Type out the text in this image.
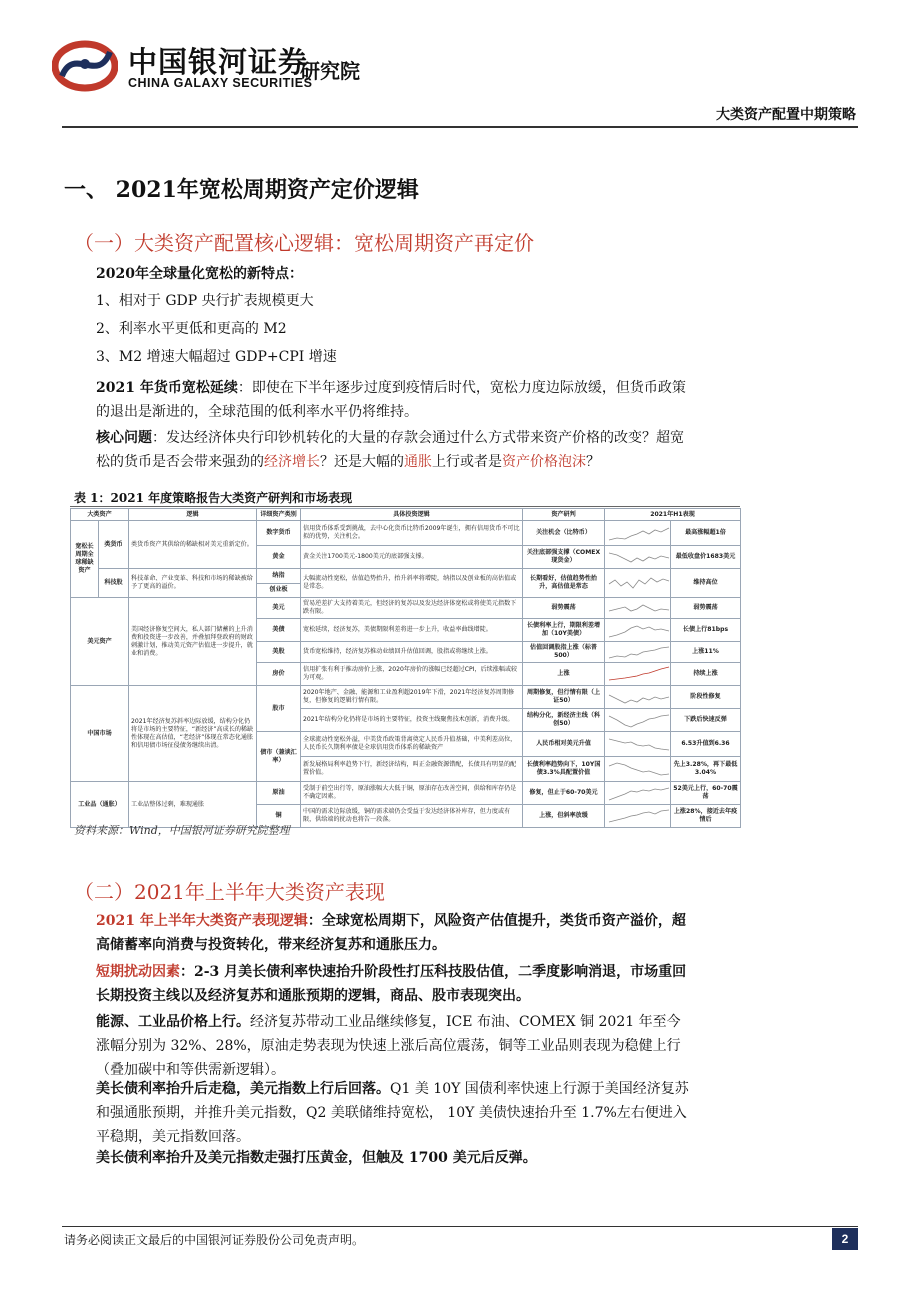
中国银河证券
CHINA GALAXY SECURITIES
研究院
大类资产配置中期策略
一、 2021年宽松周期资产定价逻辑
（一）大类资产配置核心逻辑：宽松周期资产再定价
2020年全球量化宽松的新特点：
1、相对于 GDP 央行扩表规模更大
2、利率水平更低和更高的 M2
3、M2 增速大幅超过 GDP+CPI 增速
2021 年货币宽松延续：即使在下半年逐步过度到疫情后时代，宽松力度边际放缓，但货币政策的退出是渐进的，全球范围的低利率水平仍将维持。
核心问题：发达经济体央行印钞机转化的大量的存款会通过什么方式带来资产价格的改变？超宽松的货币是否会带来强劲的经济增长？还是大幅的通胀上行或者是资产价格泡沫？
表 1：2021 年度策略报告大类资产研判和市场表现
大类资产		逻辑	详细资产类别	具体投资逻辑	资产研判	2021年H1表现	
宽松长周期全球稀缺资产	类货币	类货币资产其供给的稀缺相对美元重新定价。	数字货币	信用货币体系受到挑战，去中心化货币比特币2009年诞生，拥有信用货币不可比拟的优势，关注机会。	关注机会（比特币）		最高涨幅超1倍
			黄金	黄金关注1700美元-1800美元的底部强支撑。	关注底部强支撑（COMEX现货金）		最低收盘价1683美元
	科技股	科技革命、产业变革、科技和市场的稀缺被给予了更高的溢价。	纳指	大幅流动性宽松，估值趋势抬升，抬升斜率将增陡，纳指以及创业板的高估值或是常态。	长期看好，估值趋势性抬升，高估值是常态		维持高位
			创业板				
美元资产		美国经济修复空间大，私人部门储蓄的上升消费和投资进一步改善，并叠加拜登政府的财政刺激计划，推动美元资产估值进一步提升，就业和消费。	美元	贸易逆差扩大支持着美元，但经济的复苏以及发达经济体宽松或将使美元指数下跌有限。	弱势震荡		弱势震荡
			美债	宽松延续，经济复苏，美债期限利差将进一步上升，收益率曲线增陡。	长债利率上行，期限利差增加（10Y美债）		长债上行81bps
			美股	货币宽松维持，经济复苏推动业绩回升估值回调，股指或将继续上涨。	估值回调股指上涨（标普500）		上涨11%
			房价	信用扩张有利于推动房价上涨，2020年房价的涨幅已经超过CPI，后续涨幅或较为可观。	上涨		持续上涨
中国市场		2021年经济复苏斜率边际放缓，结构分化仍将是市场的主要特征，“新经济”高成长的稀缺性体现在高估值，“老经济”体现在常态化通胀和信用债市场征侵债务继续出清。	股市	2020年地产、金融、能源和工业盈利超2019年下滑，2021年经济复苏周期修复，但修复的逻辑行情有限。	周期修复，但行情有限（上证50）		阶段性修复
				2021年结构分化仍将是市场的主要特征，投资主线聚焦技术创新，消费升级。	结构分化，新经济主线（科创50）		下跌后快速反弹
			债市（兼谈汇率）	全球流动性宽松外溢，中美货币政策背离奠定人民币升值基础，中美利差高位，人民币长久期利率债是全球信用货币体系的稀缺资产	人民币相对美元升值		6.53升值到6.36
				新发展格局利率趋势下行，新经济结构，叫正金融资源错配，长债具有明显的配置价值。	长债利率趋势向下，10Y国债3.3%具配置价值		先上3.28%，再下最低3.04%
工业品（通胀）		工业品整体过剩，难现通胀	原油	受制于前空出行等，原油涨幅大大低于铜，原油存在改善空间，供给和库存仍是不确定因素。	修复，但止于60-70美元		52美元上行，60-70震荡
			铜	中国的需求边际放缓，铜的需求端仍会受益于发达经济体补库存，但力度或有限，供给端的扰动也将告一段落。	上涨，但斜率放缓		上涨28%，接近去年疫情后
资料来源：Wind，中国银河证券研究院整理
（二）2021年上半年大类资产表现
2021 年上半年大类资产表现逻辑：全球宽松周期下，风险资产估值提升，类货币资产溢价，超高储蓄率向消费与投资转化，带来经济复苏和通胀压力。
短期扰动因素：2-3 月美长债利率快速抬升阶段性打压科技股估值，二季度影响消退，市场重回长期投资主线以及经济复苏和通胀预期的逻辑，商品、股市表现突出。
能源、工业品价格上行。经济复苏带动工业品继续修复，ICE 布油、COMEX 铜 2021 年至今涨幅分别为 32%、28%，原油走势表现为快速上涨后高位震荡，铜等工业品则表现为稳健上行（叠加碳中和等供需新逻辑）。
美长债利率抬升后走稳，美元指数上行后回落。Q1 美 10Y 国债利率快速上行源于美国经济复苏和强通胀预期，并推升美元指数，Q2 美联储维持宽松， 10Y 美债快速抬升至 1.7%左右便进入平稳期，美元指数回落。
美长债利率抬升及美元指数走强打压黄金，但触及 1700 美元后反弹。
请务必阅读正文最后的中国银河证券股份公司免责声明。	2
